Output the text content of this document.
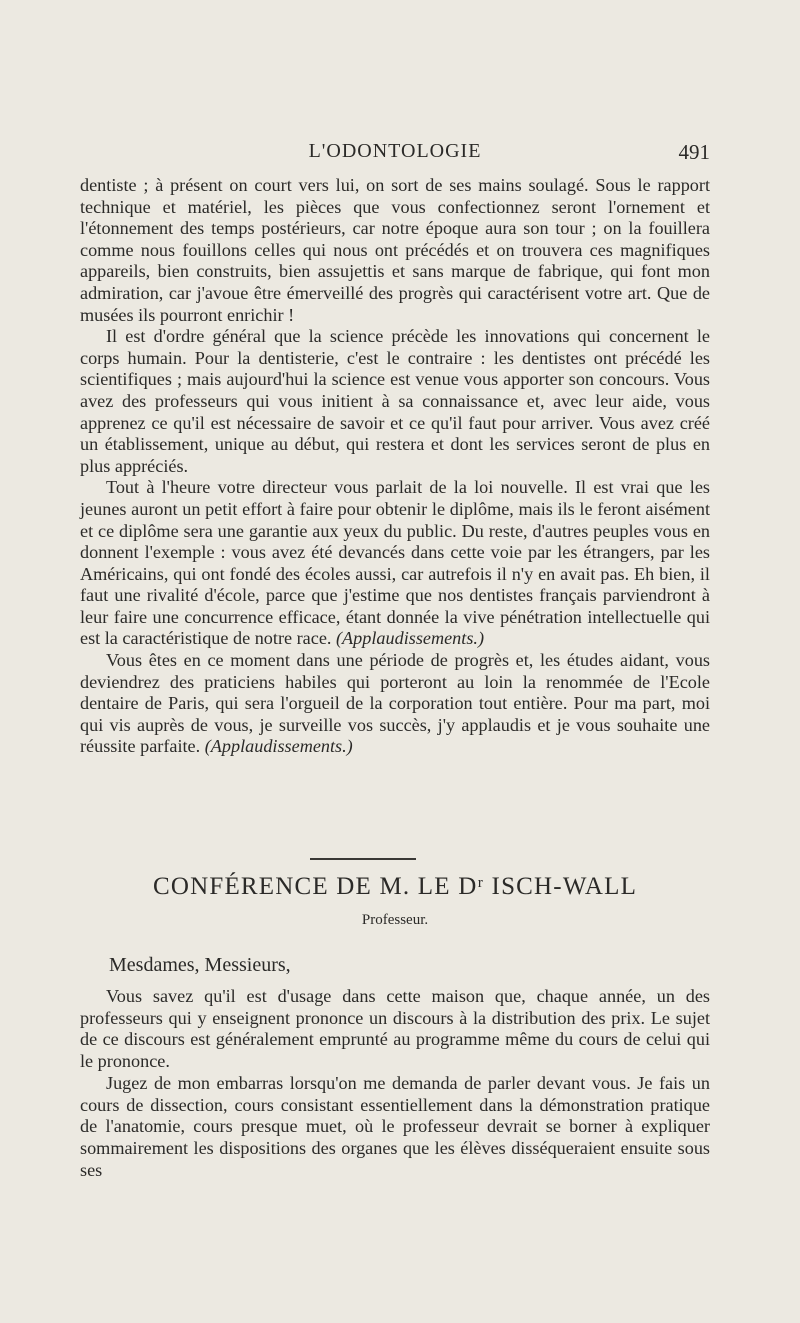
L'ODONTOLOGIE	491

dentiste ; à présent on court vers lui, on sort de ses mains soulagé. Sous le rapport technique et matériel, les pièces que vous confectionnez seront l'ornement et l'étonnement des temps postérieurs, car notre époque aura son tour ; on la fouillera comme nous fouillons celles qui nous ont précédés et on trouvera ces magnifiques appareils, bien construits, bien assujettis et sans marque de fabrique, qui font mon admiration, car j'avoue être émerveillé des progrès qui caractérisent votre art. Que de musées ils pourront enrichir !

Il est d'ordre général que la science précède les innovations qui concernent le corps humain. Pour la dentisterie, c'est le contraire : les dentistes ont précédé les scientifiques ; mais aujourd'hui la science est venue vous apporter son concours. Vous avez des professeurs qui vous initient à sa connaissance et, avec leur aide, vous apprenez ce qu'il est nécessaire de savoir et ce qu'il faut pour arriver. Vous avez créé un établissement, unique au début, qui restera et dont les services seront de plus en plus appréciés.

Tout à l'heure votre directeur vous parlait de la loi nouvelle. Il est vrai que les jeunes auront un petit effort à faire pour obtenir le diplôme, mais ils le feront aisément et ce diplôme sera une garantie aux yeux du public. Du reste, d'autres peuples vous en donnent l'exemple : vous avez été devancés dans cette voie par les étrangers, par les Américains, qui ont fondé des écoles aussi, car autrefois il n'y en avait pas. Eh bien, il faut une rivalité d'école, parce que j'estime que nos dentistes français parviendront à leur faire une concurrence efficace, étant donnée la vive pénétration intellectuelle qui est la caractéristique de notre race. (Applaudissements.)

Vous êtes en ce moment dans une période de progrès et, les études aidant, vous deviendrez des praticiens habiles qui porteront au loin la renommée de l'Ecole dentaire de Paris, qui sera l'orgueil de la corporation tout entière. Pour ma part, moi qui vis auprès de vous, je surveille vos succès, j'y applaudis et je vous souhaite une réussite parfaite. (Applaudissements.)

CONFÉRENCE DE M. LE Dʳ ISCH-WALL
Professeur.
Mesdames, Messieurs,

Vous savez qu'il est d'usage dans cette maison que, chaque année, un des professeurs qui y enseignent prononce un discours à la distribution des prix. Le sujet de ce discours est généralement emprunté au programme même du cours de celui qui le prononce.

Jugez de mon embarras lorsqu'on me demanda de parler devant vous. Je fais un cours de dissection, cours consistant essentiellement dans la démonstration pratique de l'anatomie, cours presque muet, où le professeur devrait se borner à expliquer sommairement les dispositions des organes que les élèves disséqueraient ensuite sous ses
